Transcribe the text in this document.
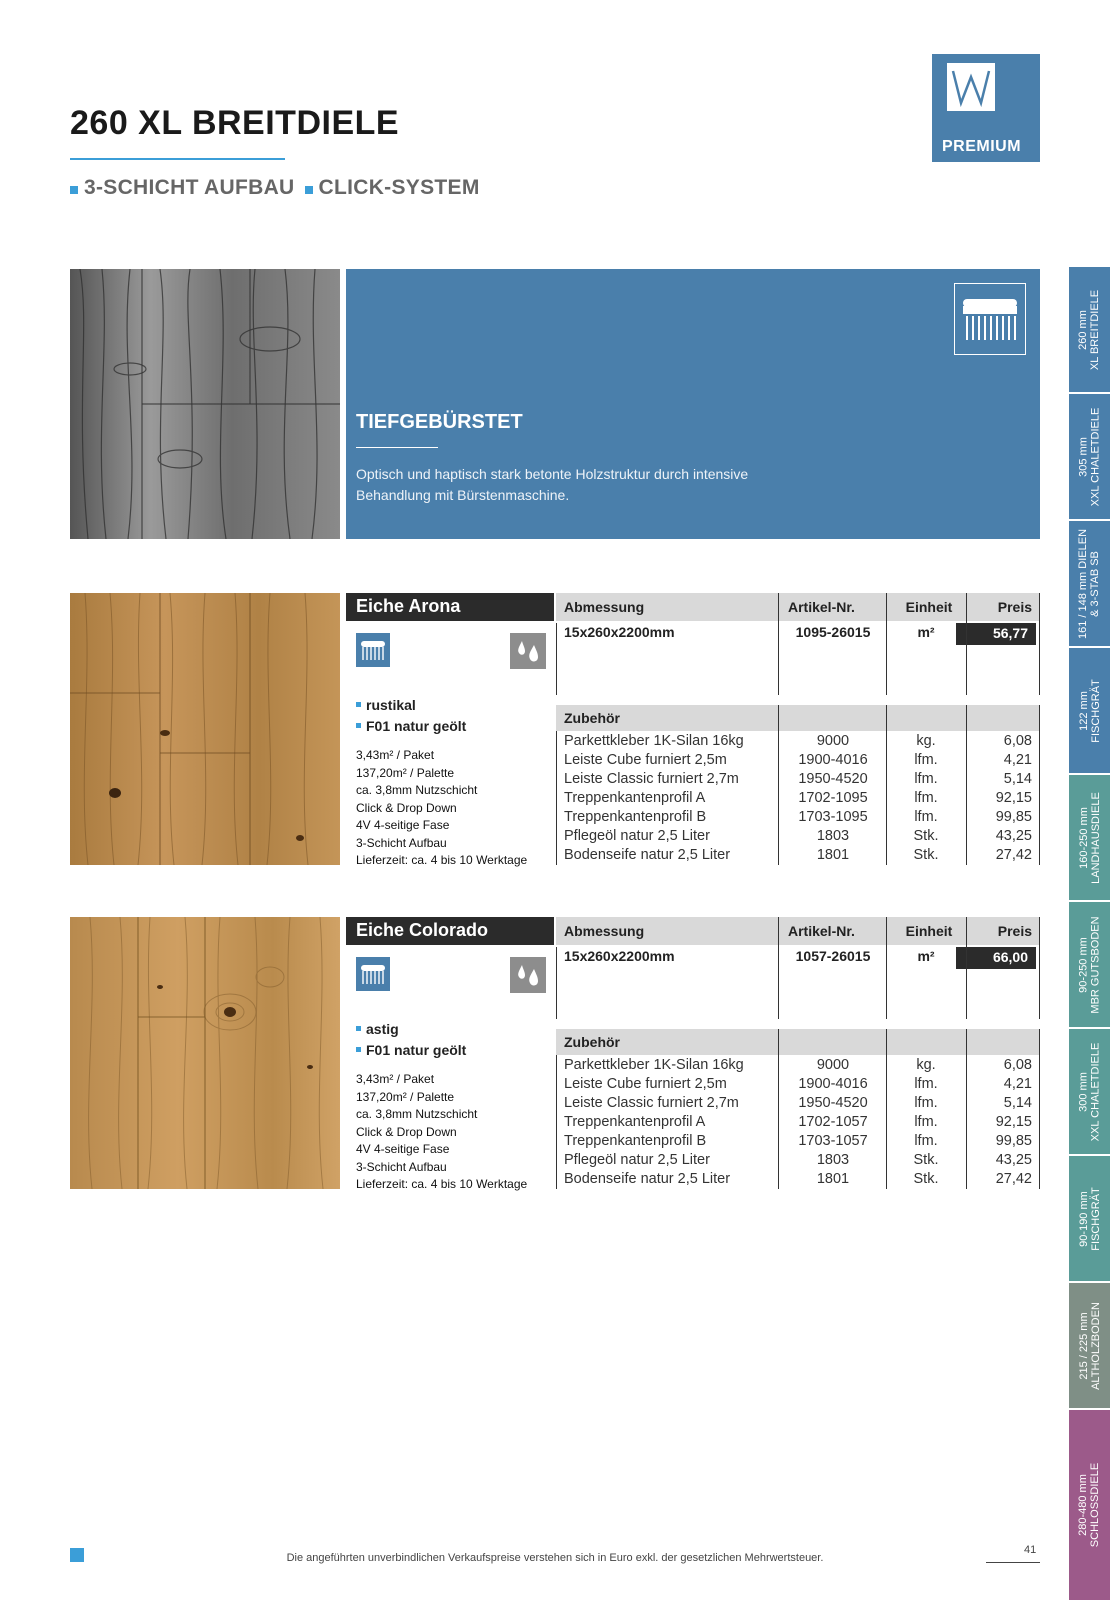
260 XL BREITDIELE
3-SCHICHT AUFBAU	CLICK-SYSTEM
PREMIUM
TIEFGEBÜRSTET
Optisch und haptisch stark betonte Holzstruktur durch intensive Behandlung mit Bürstenmaschine.
Eiche Arona
rustikal
F01 natur geölt
3,43m² / Paket
137,20m² / Palette
ca. 3,8mm Nutzschicht
Click & Drop Down
4V 4-seitige Fase
3-Schicht Aufbau
Lieferzeit: ca. 4 bis 10 Werktage
Abmessung	Artikel-Nr.	Einheit	Preis
15x260x2200mm	1095-26015	m²	56,77
Zubehör
Parkettkleber 1K-Silan 16kg	9000	kg.	6,08
Leiste Cube furniert 2,5m	1900-4016	lfm.	4,21
Leiste Classic furniert 2,7m	1950-4520	lfm.	5,14
Treppenkantenprofil A	1702-1095	lfm.	92,15
Treppenkantenprofil B	1703-1095	lfm.	99,85
Pflegeöl natur 2,5 Liter	1803	Stk.	43,25
Bodenseife natur 2,5 Liter	1801	Stk.	27,42
Eiche Colorado
astig
F01 natur geölt
3,43m² / Paket
137,20m² / Palette
ca. 3,8mm Nutzschicht
Click & Drop Down
4V 4-seitige Fase
3-Schicht Aufbau
Lieferzeit: ca. 4 bis 10 Werktage
Abmessung	Artikel-Nr.	Einheit	Preis
15x260x2200mm	1057-26015	m²	66,00
Zubehör
Parkettkleber 1K-Silan 16kg	9000	kg.	6,08
Leiste Cube furniert 2,5m	1900-4016	lfm.	4,21
Leiste Classic furniert 2,7m	1950-4520	lfm.	5,14
Treppenkantenprofil A	1702-1057	lfm.	92,15
Treppenkantenprofil B	1703-1057	lfm.	99,85
Pflegeöl natur 2,5 Liter	1803	Stk.	43,25
Bodenseife natur 2,5 Liter	1801	Stk.	27,42
260 mm XL BREITDIELE
305 mm XXL CHALETDIELE
161 / 148 mm DIELEN & 3-STAB SB
122 mm FISCHGRÄT
160-250 mm LANDHAUSDIELE
90-250 mm MBR GUTSBODEN
300 mm XXL CHALETDIELE
90-190 mm FISCHGRÄT
215 / 225 mm ALTHOLZBODEN
280-480 mm SCHLOSSDIELE
Die angeführten unverbindlichen Verkaufspreise verstehen sich in Euro exkl. der gesetzlichen Mehrwertsteuer.
41
